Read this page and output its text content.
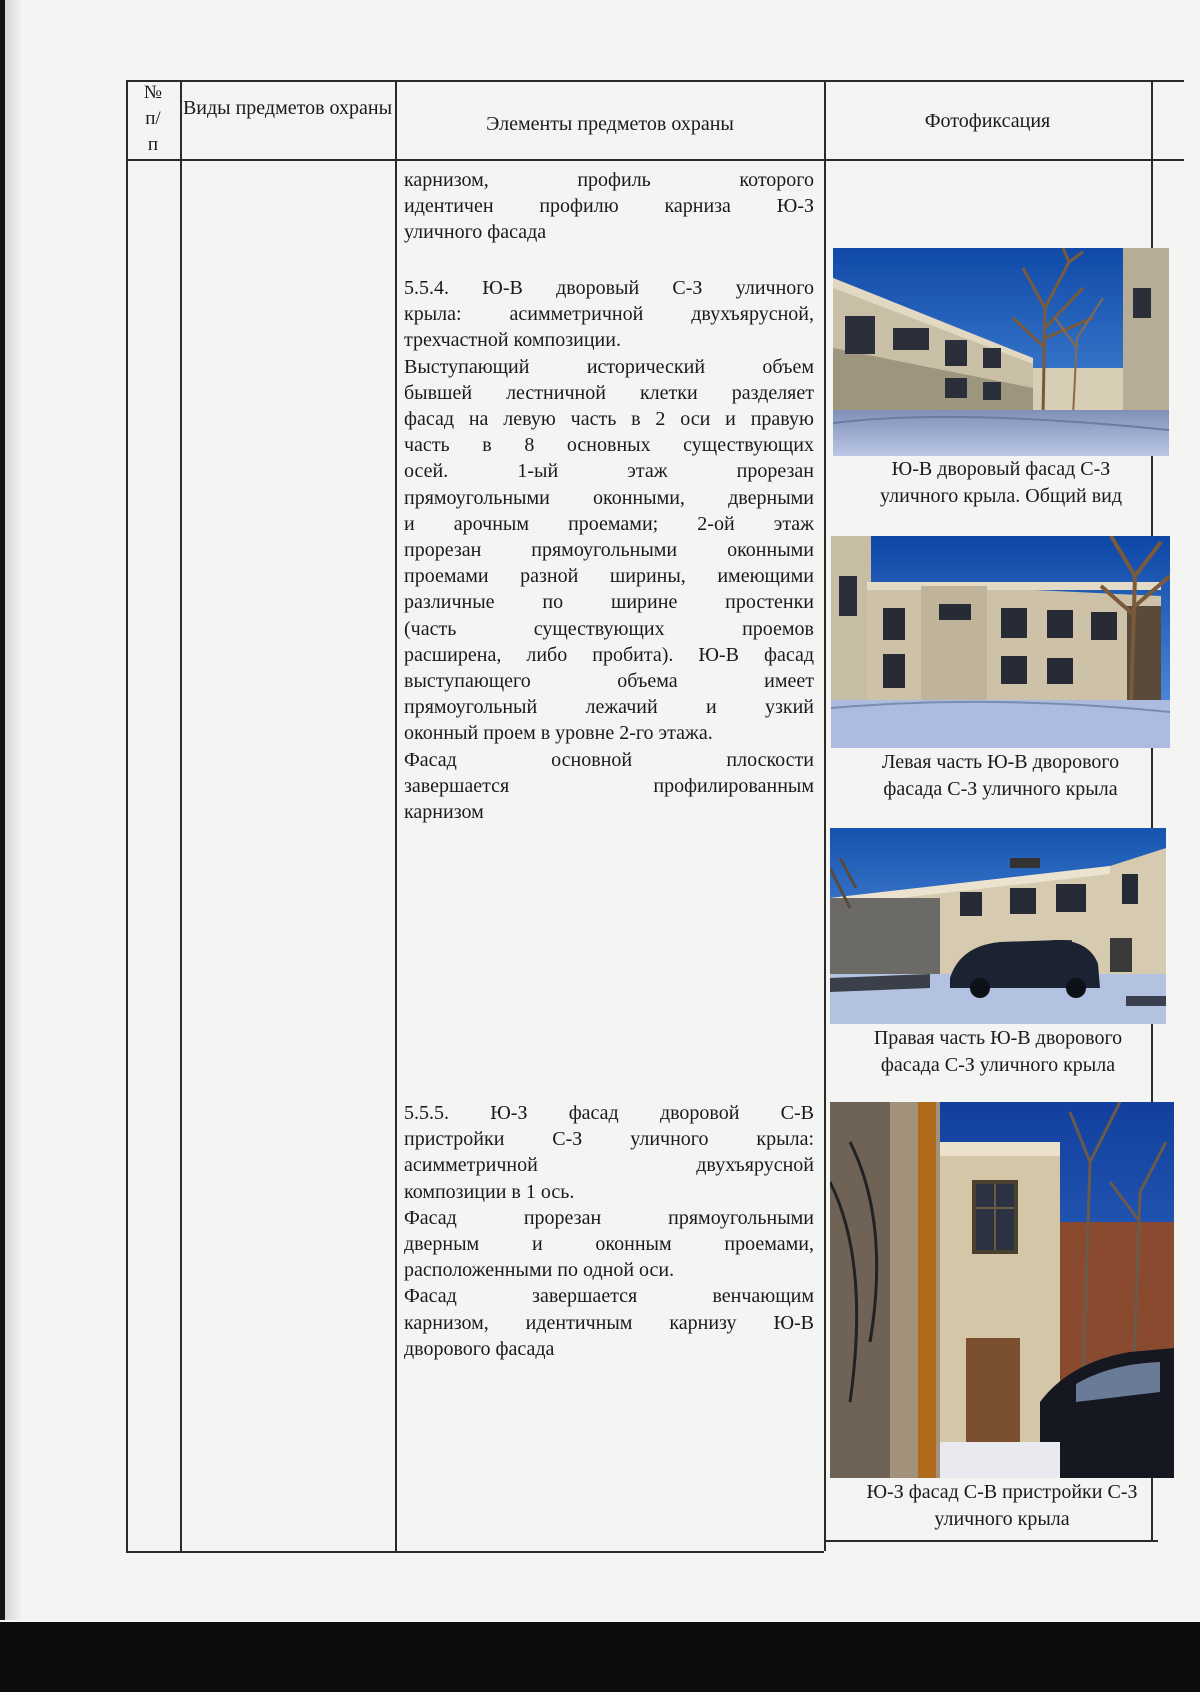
№
п/
п
Виды предметов охраны
Элементы предметов охраны	Фотофиксация

карнизом, профиль которого

идентичен профилю карниза Ю-З

уличного фасада

5.5.4. Ю-В дворовый С-З уличного

крыла: асимметричной двухъярусной,

трехчастной композиции.

Выступающий исторический объем

бывшей лестничной клетки разделяет

фасад на левую часть в 2 оси и правую

часть в 8 основных существующих

осей. 1-ый этаж прорезан

прямоугольными оконными, дверными

и арочным проемами; 2-ой этаж

прорезан прямоугольными оконными

проемами разной ширины, имеющими

различные по ширине простенки

(часть существующих проемов

расширена, либо пробита). Ю-В фасад

выступающего объема имеет

прямоугольный лежачий и узкий

оконный проем в уровне 2-го этажа.

Фасад основной плоскости

завершается профилированным

карнизом

5.5.5. Ю-З фасад дворовой С-В

пристройки С-З уличного крыла:

асимметричной двухъярусной

композиции в 1 ось.

Фасад прорезан прямоугольными

дверным и оконным проемами,

расположенными по одной оси.

Фасад завершается венчающим

карнизом, идентичным карнизу Ю-В

дворового фасада

Ю-В дворовый фасад С-З
уличного крыла. Общий вид
Левая часть Ю-В дворового
фасада С-З уличного крыла
Правая часть Ю-В дворового
фасада С-З уличного крыла
Ю-З фасад С-В пристройки С-З
уличного крыла
